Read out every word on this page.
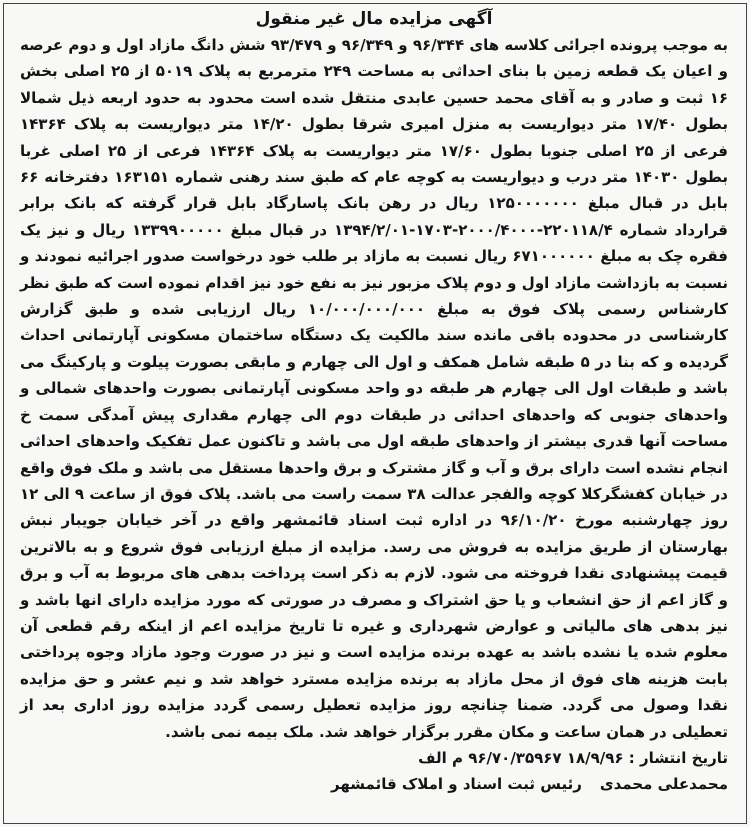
آگهی مزایده مال غیر منقول

به موجب پرونده اجرائی کلاسه های ۹۶/۳۴۴ و ۹۶/۳۴۹ و ۹۳/۴۷۹ شش دانگ مازاد اول و دوم عرصه و اعیان یک قطعه زمین با بنای احداثی به مساحت ۲۴۹ مترمربع به پلاک ۵۰۱۹ از ۲۵ اصلی بخش ۱۶ ثبت و صادر و به آقای محمد حسین عابدی منتقل شده است محدود به حدود اربعه ذیل شمالا بطول ۱۷/۴۰ متر دیواریست به منزل امیری شرقا بطول ۱۴/۲۰ متر دیواریست به پلاک ۱۴۳۶۴ فرعی از ۲۵ اصلی جنوبا بطول ۱۷/۶۰ متر دیواریست به پلاک ۱۴۳۶۴ فرعی از ۲۵ اصلی غربا بطول ۱۴۰۳۰ متر درب و دیواریست به کوچه عام که طبق سند رهنی شماره ۱۶۳۱۵۱ دفترخانه ۶۶ بابل در قبال مبلغ ۱۲۵۰۰۰۰۰۰۰ ریال در رهن بانک پاسارگاد بابل قرار گرفته که بانک برابر قرارداد شماره ۲۲۰۱۱۸/۴-۲۰۰۰/۴۰۰۰-۱۷۰۳-۱۳۹۴/۲/۰۱ در قبال مبلغ ۱۳۳۹۹۰۰۰۰۰ ریال و نیز یک فقره چک به مبلغ ۶۷۱۰۰۰۰۰۰ ریال نسبت به مازاد بر طلب خود درخواست صدور اجرائیه نمودند و نسبت به بازداشت مازاد اول و دوم پلاک مزبور نیز به نفع خود نیز اقدام نموده است که طبق نظر کارشناس رسمی پلاک فوق به مبلغ ۱۰/۰۰۰/۰۰۰/۰۰۰ ریال ارزیابی شده و طبق گزارش کارشناسی در محدوده باقی مانده سند مالکیت یک دستگاه ساختمان مسکونی آپارتمانی احداث گردیده و که بنا در ۵ طبقه شامل همکف و اول الی چهارم و مابقی بصورت پیلوت و پارکینگ می باشد و طبقات اول الی چهارم هر طبقه دو واحد مسکونی آپارتمانی بصورت واحدهای شمالی و واحدهای جنوبی که واحدهای احداثی در طبقات دوم الی چهارم مقداری پیش آمدگی سمت خ مساحت آنها قدری بیشتر از واحدهای طبقه اول می باشد و تاکنون عمل تفکیک واحدهای احداثی انجام نشده است دارای برق و آب و گاز مشترک و برق واحدها مستقل می باشد و ملک فوق واقع در خیابان کفشگرکلا کوچه والفجر عدالت ۳۸ سمت راست می باشد. پلاک فوق از ساعت ۹ الی ۱۲ روز چهارشنبه مورخ ۹۶/۱۰/۲۰ در اداره ثبت اسناد قائمشهر واقع در آخر خیابان جویبار نبش بهارستان از طریق مزایده به فروش می رسد. مزایده از مبلغ ارزیابی فوق شروع و به بالاترین قیمت پیشنهادی نقدا فروخته می شود. لازم به ذکر است پرداخت بدهی های مربوط به آب و برق و گاز اعم از حق انشعاب و یا حق اشتراک و مصرف در صورتی که مورد مزایده دارای انها باشد و نیز بدهی های مالیاتی و عوارض شهرداری و غیره تا تاریخ مزایده اعم از اینکه رقم قطعی آن معلوم شده یا نشده باشد به عهده برنده مزایده است و نیز در صورت وجود مازاد وجوه پرداختی بابت هزینه های فوق از محل مازاد به برنده مزایده مسترد خواهد شد و نیم عشر و حق مزایده نقدا وصول می گردد. ضمنا چنانچه روز مزایده تعطیل رسمی گردد مزایده روز اداری بعد از تعطیلی در همان ساعت و مکان مقرر برگزار خواهد شد. ملک بیمه نمی باشد.

تاریخ انتشار : ۱۸/۹/۹۶ ۹۶/۷۰/۳۵۹۶۷ م الف
محمدعلی محمدی
رئیس ثبت اسناد و املاک قائمشهر
